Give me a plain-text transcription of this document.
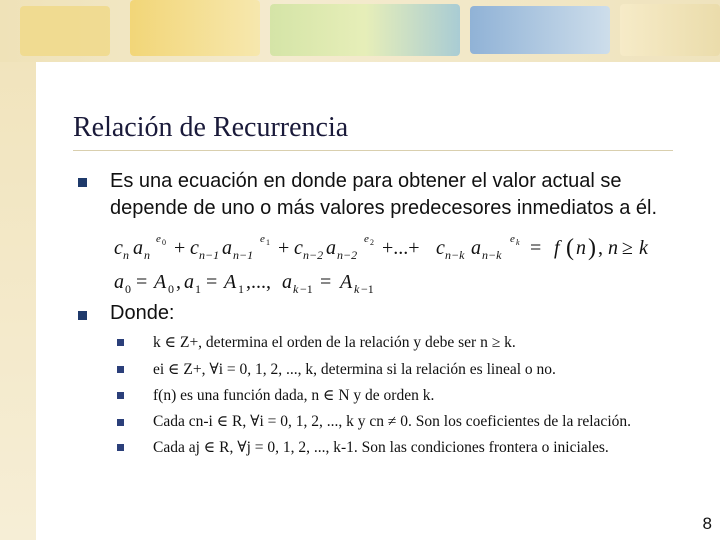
Relación de Recurrencia
Es una ecuación en donde para obtener el valor actual se depende de uno o más valores predecesores inmediatos a él.
c n a n
e 0 + c n−1 a n−1
e 1 + c n−2 a n−2
e 2 +...+ c n−k a n−k
e k = f ( n ) , n ≥ k
a 0 = A 0 , a 1 = A 1 ,..., a k −1 = A k −1
Donde:
k ∈ Z+, determina el orden de la relación y debe ser n ≥ k.
ei ∈ Z+, ∀i = 0, 1, 2, ..., k, determina si la relación es lineal o no.
f(n) es una función dada, n ∈ N y de orden k.
Cada cn-i ∈ R, ∀i = 0, 1, 2, ..., k y cn ≠ 0. Son los coeficientes de la relación.
Cada aj ∈ R, ∀j = 0, 1, 2, ..., k-1. Son las condiciones frontera o iniciales.
8
